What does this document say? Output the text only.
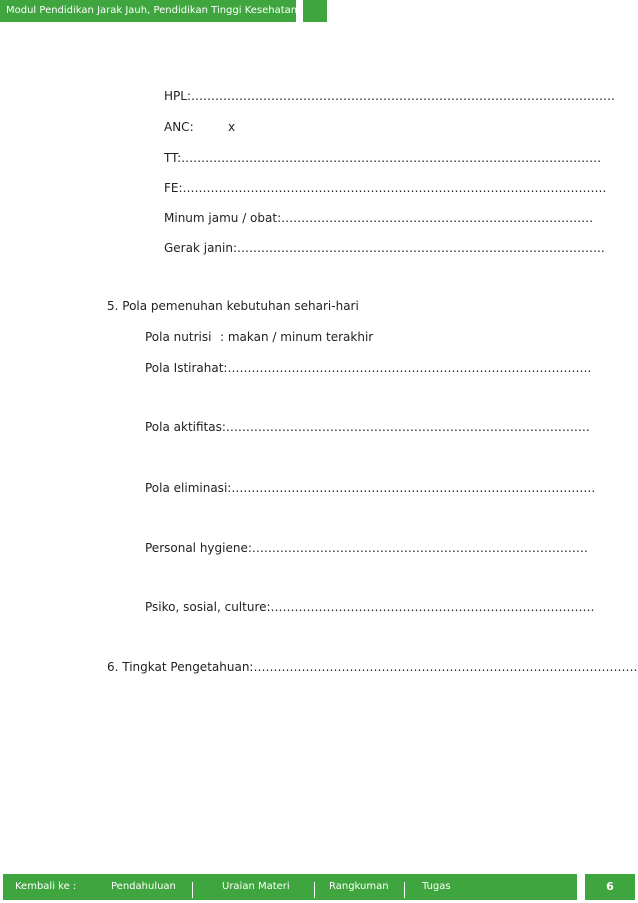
Modul Pendidikan Jarak Jauh, Pendidikan Tinggi Kesehatan
HPL:…………………………………………………………………………………………….
ANC:	x
TT:……………………………………………………………………………………………
FE:…………………………………………………………………………………………….
Minum jamu / obat:……………………………………………………………………
Gerak janin:………………………………………………………………………………..
5. Pola pemenuhan kebutuhan sehari-hari
Pola nutrisi : makan / minum terakhir
Pola Istirahat:……………………………………………………………………………….
Pola aktifitas:……………………………………………………………………………….
Pola eliminasi:……………………………………………………………………………….
Personal hygiene:…………………………………………………………………………
Psiko, sosial, culture:………………………………………………………………………
6. Tingkat Pengetahuan:……………………………………………………………………………………
Kembali ke :	Pendahuluan	Uraian Materi	Rangkuman	Tugas	6
